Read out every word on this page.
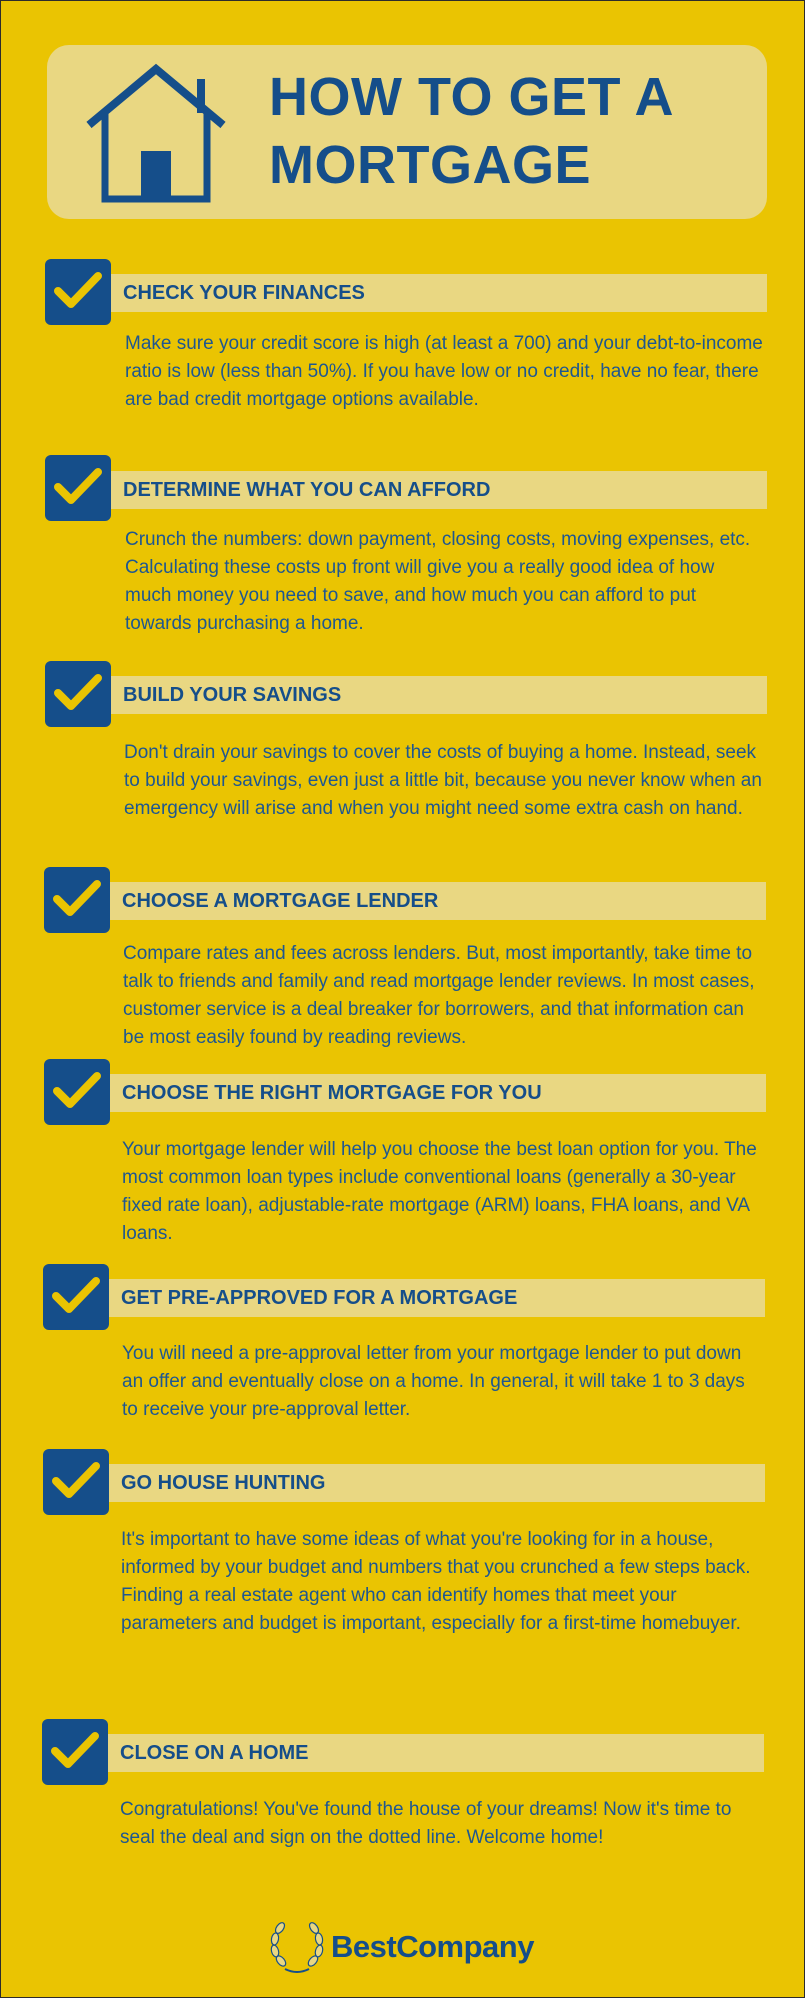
HOW TO GET A
MORTGAGE
CHECK YOUR FINANCES
Make sure your credit score is high (at least a 700) and your debt-to-income ratio is low (less than 50%). If you have low or no credit, have no fear, there are bad credit mortgage options available.
DETERMINE WHAT YOU CAN AFFORD
Crunch the numbers: down payment, closing costs, moving expenses, etc. Calculating these costs up front will give you a really good idea of how much money you need to save, and how much you can afford to put towards purchasing a home.
BUILD YOUR SAVINGS
Don't drain your savings to cover the costs of buying a home. Instead, seek to build your savings, even just a little bit, because you never know when an emergency will arise and when you might need some extra cash on hand.
CHOOSE A MORTGAGE LENDER
Compare rates and fees across lenders. But, most importantly, take time to talk to friends and family and read mortgage lender reviews. In most cases, customer service is a deal breaker for borrowers, and that information can be most easily found by reading reviews.
CHOOSE THE RIGHT MORTGAGE FOR YOU
Your mortgage lender will help you choose the best loan option for you. The most common loan types include conventional loans (generally a 30-year fixed rate loan), adjustable-rate mortgage (ARM) loans, FHA loans, and VA loans.
GET PRE-APPROVED FOR A MORTGAGE
You will need a pre-approval letter from your mortgage lender to put down an offer and eventually close on a home. In general, it will take 1 to 3 days to receive your pre-approval letter.
GO HOUSE HUNTING
It's important to have some ideas of what you're looking for in a house, informed by your budget and numbers that you crunched a few steps back. Finding a real estate agent who can identify homes that meet your parameters and budget is important, especially for a first-time homebuyer.
CLOSE ON A HOME
Congratulations! You've found the house of your dreams! Now it's time to seal the deal and sign on the dotted line. Welcome home!
BestCompany
